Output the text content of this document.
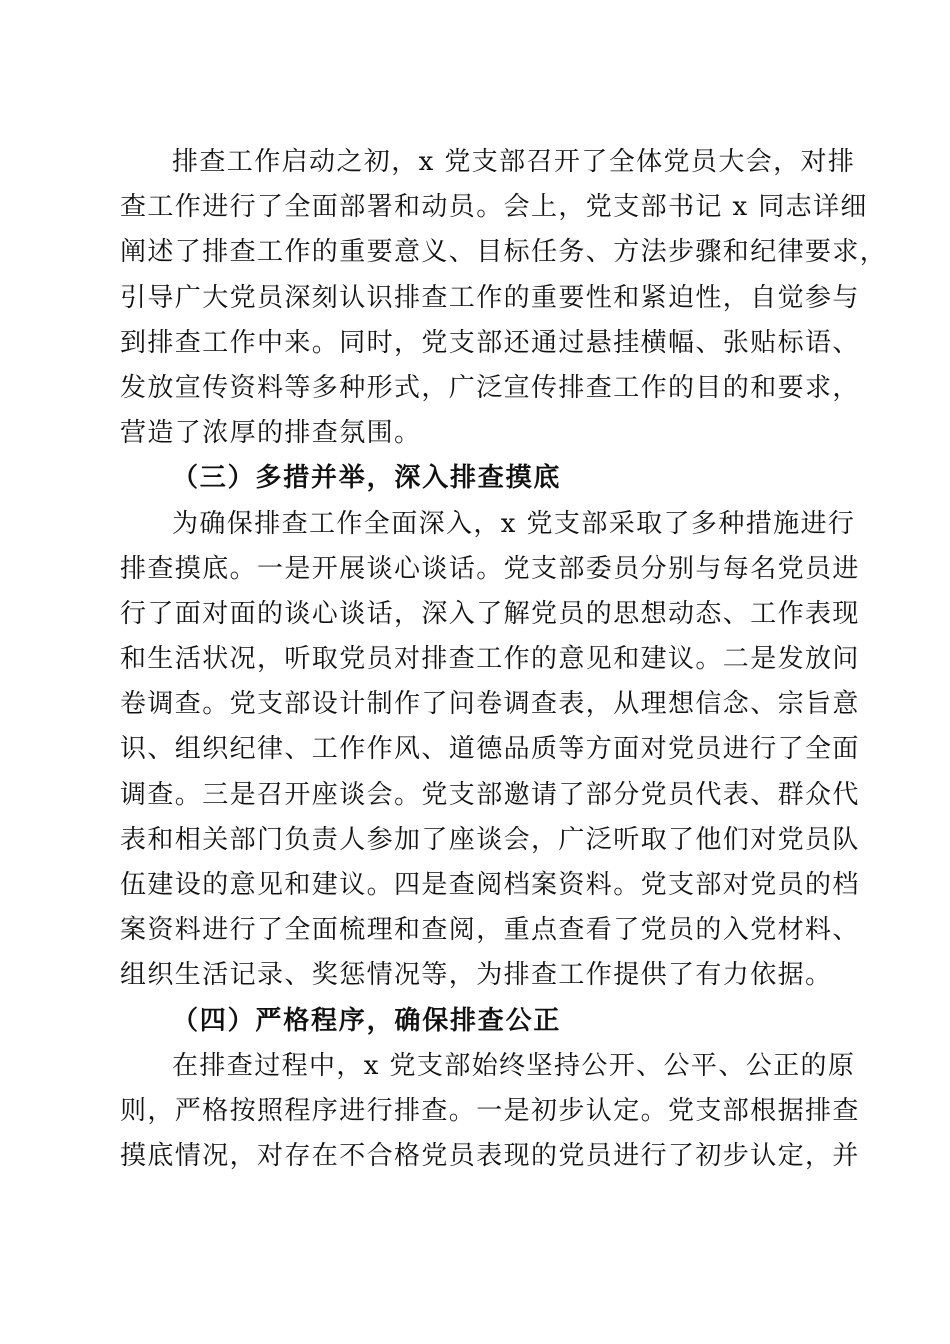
排查工作启动之初，x 党支部召开了全体党员大会，对排
查工作进行了全面部署和动员。会上，党支部书记 x 同志详细
阐述了排查工作的重要意义、目标任务、方法步骤和纪律要求，
引导广大党员深刻认识排查工作的重要性和紧迫性，自觉参与
到排查工作中来。同时，党支部还通过悬挂横幅、张贴标语、
发放宣传资料等多种形式，广泛宣传排查工作的目的和要求，
营造了浓厚的排查氛围。
（三）多措并举，深入排查摸底
为确保排查工作全面深入，x 党支部采取了多种措施进行
排查摸底。一是开展谈心谈话。党支部委员分别与每名党员进
行了面对面的谈心谈话，深入了解党员的思想动态、工作表现
和生活状况，听取党员对排查工作的意见和建议。二是发放问
卷调查。党支部设计制作了问卷调查表，从理想信念、宗旨意
识、组织纪律、工作作风、道德品质等方面对党员进行了全面
调查。三是召开座谈会。党支部邀请了部分党员代表、群众代
表和相关部门负责人参加了座谈会，广泛听取了他们对党员队
伍建设的意见和建议。四是查阅档案资料。党支部对党员的档
案资料进行了全面梳理和查阅，重点查看了党员的入党材料、
组织生活记录、奖惩情况等，为排查工作提供了有力依据。
（四）严格程序，确保排查公正
在排查过程中，x 党支部始终坚持公开、公平、公正的原
则，严格按照程序进行排查。一是初步认定。党支部根据排查
摸底情况，对存在不合格党员表现的党员进行了初步认定，并
